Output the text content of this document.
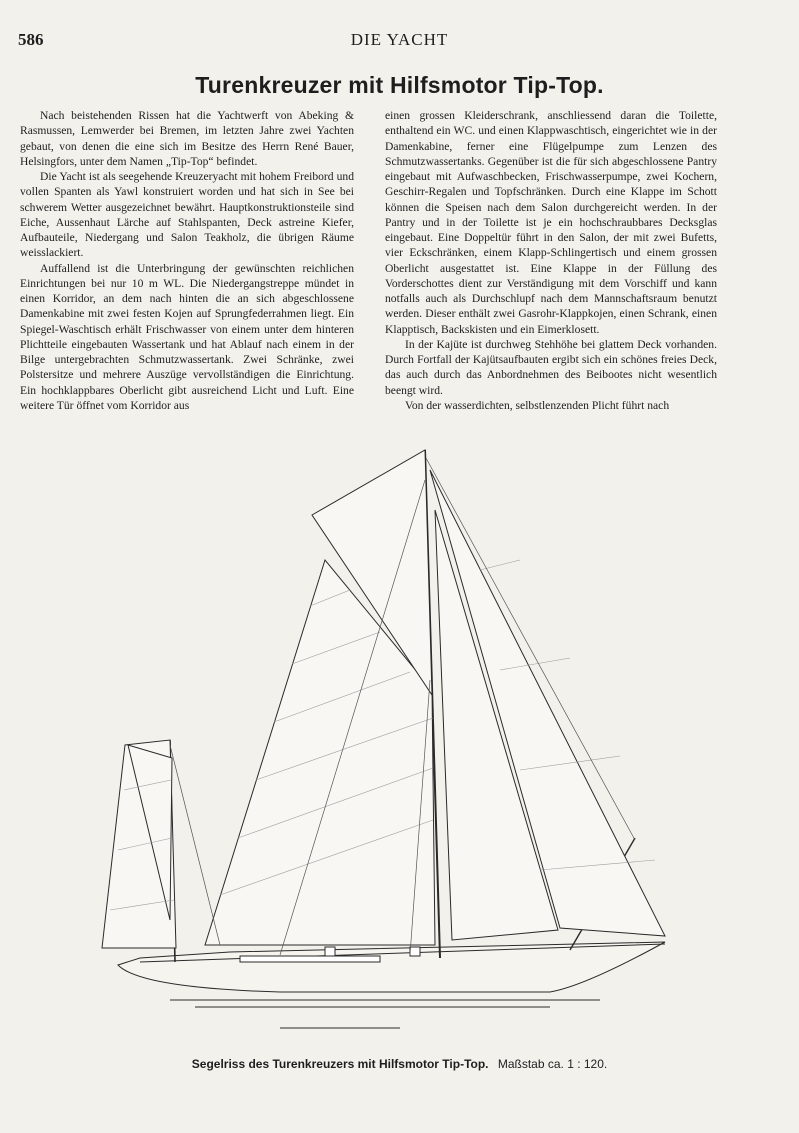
586	DIE YACHT
Turenkreuzer mit Hilfsmotor Tip-Top.

Nach beistehenden Rissen hat die Yachtwerft von Abeking & Rasmussen, Lemwerder bei Bremen, im letzten Jahre zwei Yachten gebaut, von denen die eine sich im Besitze des Herrn René Bauer, Helsingfors, unter dem Namen „Tip-Top“ befindet.

Die Yacht ist als seegehende Kreuzeryacht mit hohem Freibord und vollen Spanten als Yawl konstruiert worden und hat sich in See bei schwerem Wetter ausgezeichnet bewährt. Hauptkonstruktionsteile sind Eiche, Aussenhaut Lärche auf Stahlspanten, Deck astreine Kiefer, Aufbauteile, Niedergang und Salon Teakholz, die übrigen Räume weisslackiert.

Auffallend ist die Unterbringung der gewünschten reichlichen Einrichtungen bei nur 10 m WL. Die Niedergangstreppe mündet in einen Korridor, an dem nach hinten die an sich abgeschlossene Damenkabine mit zwei festen Kojen auf Sprungfederrahmen liegt. Ein Spiegel-Waschtisch erhält Frischwasser von einem unter dem hinteren Plichtteile eingebauten Wassertank und hat Ablauf nach einem in der Bilge untergebrachten Schmutzwassertank. Zwei Schränke, zwei Polstersitze und mehrere Auszüge vervollständigen die Einrichtung. Ein hochklappbares Oberlicht gibt ausreichend Licht und Luft. Eine weitere Tür öffnet vom Korridor aus

einen grossen Kleiderschrank, anschliessend daran die Toilette, enthaltend ein WC. und einen Klappwaschtisch, eingerichtet wie in der Damenkabine, ferner eine Flügelpumpe zum Lenzen des Schmutzwassertanks. Gegenüber ist die für sich abgeschlossene Pantry eingebaut mit Aufwaschbecken, Frischwasserpumpe, zwei Kochern, Geschirr-Regalen und Topfschränken. Durch eine Klappe im Schott können die Speisen nach dem Salon durchgereicht werden. In der Pantry und in der Toilette ist je ein hochschraubbares Decksglas eingebaut. Eine Doppeltür führt in den Salon, der mit zwei Bufetts, vier Eckschränken, einem Klapp-Schlingertisch und einem grossen Oberlicht ausgestattet ist. Eine Klappe in der Füllung des Vorderschottes dient zur Verständigung mit dem Vorschiff und kann notfalls auch als Durchschlupf nach dem Mannschaftsraum benutzt werden. Dieser enthält zwei Gasrohr-Klappkojen, einen Schrank, einen Klapptisch, Backskisten und ein Eimerklosett.

In der Kajüte ist durchweg Stehhöhe bei glattem Deck vorhanden. Durch Fortfall der Kajütsaufbauten ergibt sich ein schönes freies Deck, das auch durch das Anbordnehmen des Beibootes nicht wesentlich beengt wird.

Von der wasserdichten, selbstlenzenden Plicht führt nach

Segelriss des Turenkreuzers mit Hilfsmotor Tip-Top. Maßstab ca. 1 : 120.
